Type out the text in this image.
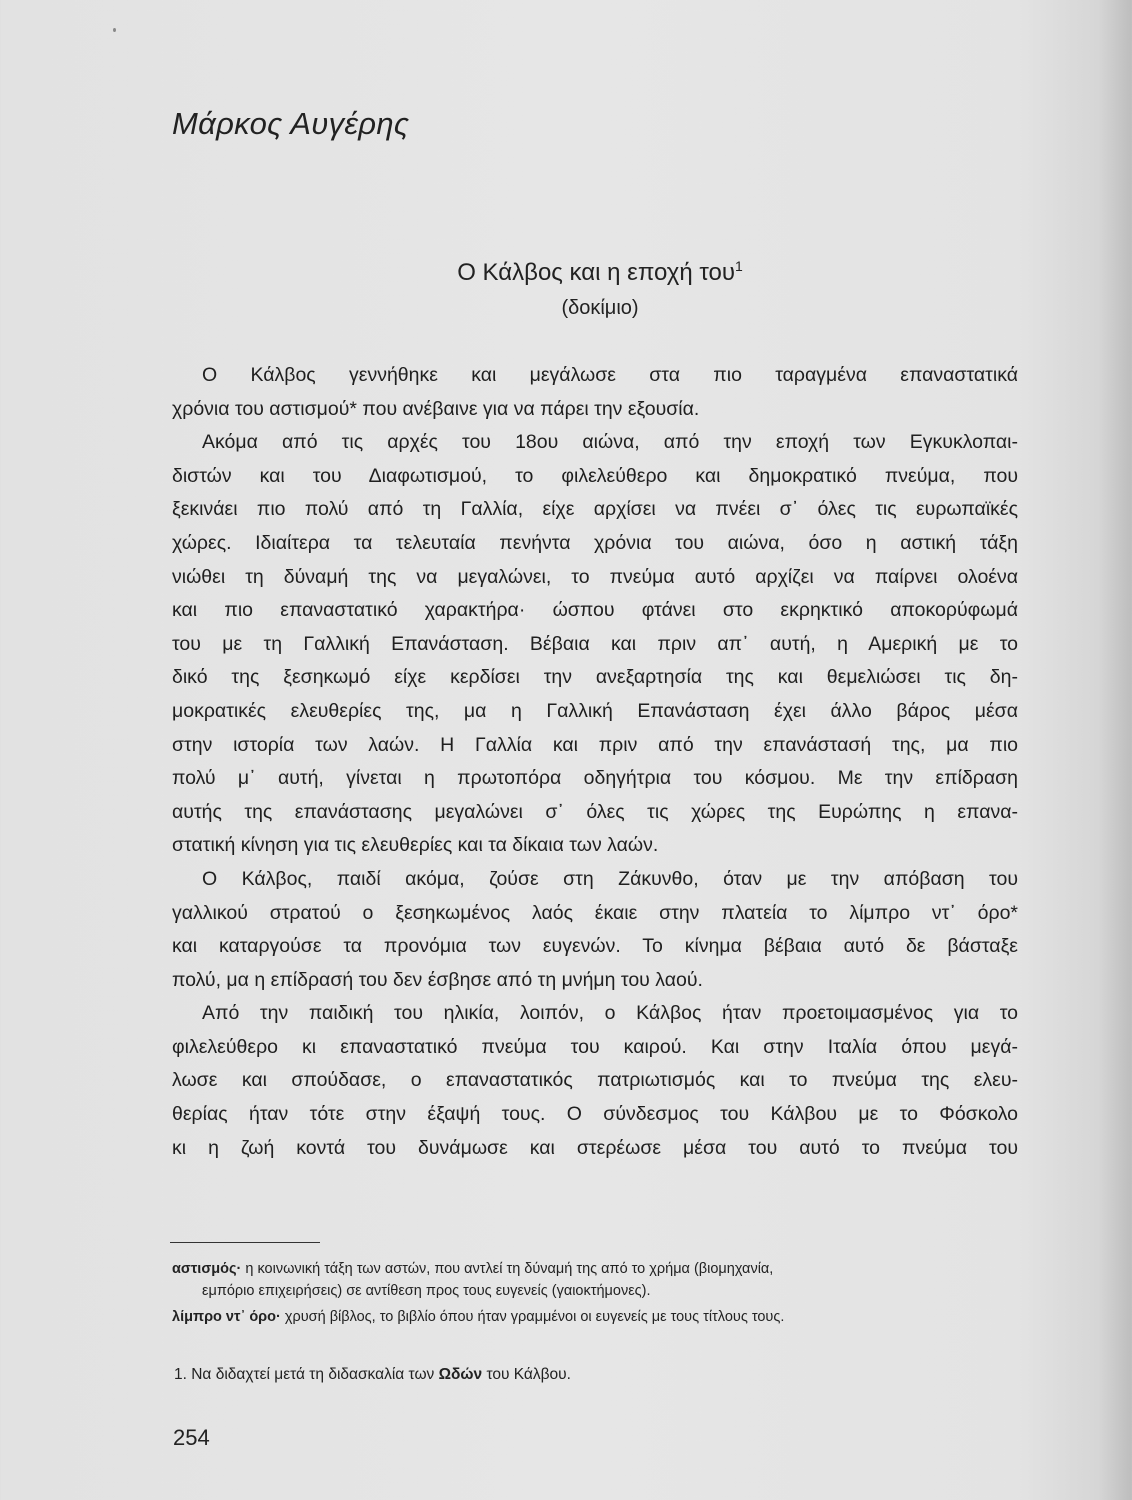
Μάρκος Αυγέρης
Ο Κάλβος και η εποχή του$^1$
(δοκίμιο)
Ο Κάλβος γεννήθηκε και μεγάλωσε στα πιο ταραγμένα επαναστατικά
χρόνια του αστισμού* που ανέβαινε για να πάρει την εξουσία.
Ακόμα από τις αρχές του 18ου αιώνα, από την εποχή των Εγκυκλοπαι-
διστών και του Διαφωτισμού, το φιλελεύθερο και δημοκρατικό πνεύμα, που
ξεκινάει πιο πολύ από τη Γαλλία, είχε αρχίσει να πνέει σ᾽ όλες τις ευρωπαϊκές
χώρες. Ιδιαίτερα τα τελευταία πενήντα χρόνια του αιώνα, όσο η αστική τάξη
νιώθει τη δύναμή της να μεγαλώνει, το πνεύμα αυτό αρχίζει να παίρνει ολοένα
και πιο επαναστατικό χαρακτήρα· ώσπου φτάνει στο εκρηκτικό αποκορύφωμά
του με τη Γαλλική Επανάσταση. Βέβαια και πριν απ᾽ αυτή, η Αμερική με το
δικό της ξεσηκωμό είχε κερδίσει την ανεξαρτησία της και θεμελιώσει τις δη-
μοκρατικές ελευθερίες της, μα η Γαλλική Επανάσταση έχει άλλο βάρος μέσα
στην ιστορία των λαών. Η Γαλλία και πριν από την επανάστασή της, μα πιο
πολύ μ᾽ αυτή, γίνεται η πρωτοπόρα οδηγήτρια του κόσμου. Με την επίδραση
αυτής της επανάστασης μεγαλώνει σ᾽ όλες τις χώρες της Ευρώπης η επανα-
στατική κίνηση για τις ελευθερίες και τα δίκαια των λαών.
Ο Κάλβος, παιδί ακόμα, ζούσε στη Ζάκυνθο, όταν με την απόβαση του
γαλλικού στρατού ο ξεσηκωμένος λαός έκαιε στην πλατεία το λίμπρο ντ᾽ όρο*
και καταργούσε τα προνόμια των ευγενών. Το κίνημα βέβαια αυτό δε βάσταξε
πολύ, μα η επίδρασή του δεν έσβησε από τη μνήμη του λαού.
Από την παιδική του ηλικία, λοιπόν, ο Κάλβος ήταν προετοιμασμένος για το
φιλελεύθερο κι επαναστατικό πνεύμα του καιρού. Και στην Ιταλία όπου μεγά-
λωσε και σπούδασε, ο επαναστατικός πατριωτισμός και το πνεύμα της ελευ-
θερίας ήταν τότε στην έξαψή τους. Ο σύνδεσμος του Κάλβου με το Φόσκολο
κι η ζωή κοντά του δυνάμωσε και στερέωσε μέσα του αυτό το πνεύμα του
αστισμός· η κοινωνική τάξη των αστών, που αντλεί τη δύναμή της από το χρήμα (βιομηχανία,
εμπόριο επιχειρήσεις) σε αντίθεση προς τους ευγενείς (γαιοκτήμονες).
λίμπρο ντ᾽ όρο· χρυσή βίβλος, το βιβλίο όπου ήταν γραμμένοι οι ευγενείς με τους τίτλους τους.
1. Να διδαχτεί μετά τη διδασκαλία των Ωδών του Κάλβου.
254
